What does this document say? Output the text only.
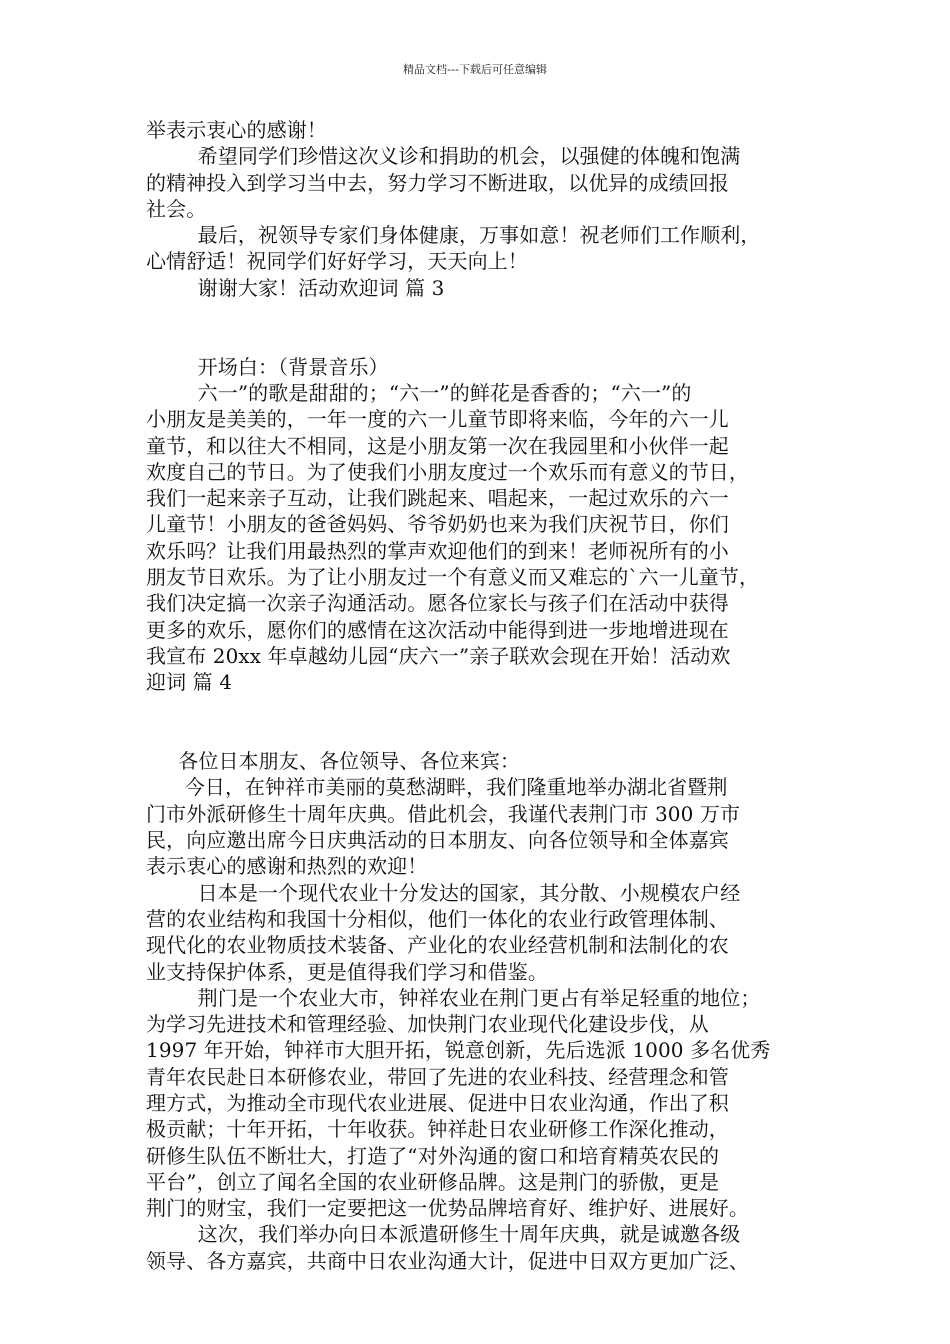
精品文档---下载后可任意编辑
举表示衷心的感谢！
希望同学们珍惜这次义诊和捐助的机会，以强健的体魄和饱满
的精神投入到学习当中去，努力学习不断进取，以优异的成绩回报
社会。
最后，祝领导专家们身体健康，万事如意！祝老师们工作顺利，
心情舒适！祝同学们好好学习，天天向上！
谢谢大家！活动欢迎词 篇 3
开场白：（背景音乐）
六一”的歌是甜甜的；“六一”的鲜花是香香的；“六一”的
小朋友是美美的，一年一度的六一儿童节即将来临，今年的六一儿
童节，和以往大不相同，这是小朋友第一次在我园里和小伙伴一起
欢度自己的节日。为了使我们小朋友度过一个欢乐而有意义的节日，
我们一起来亲子互动，让我们跳起来、唱起来，一起过欢乐的六一
儿童节！小朋友的爸爸妈妈、爷爷奶奶也来为我们庆祝节日，你们
欢乐吗？让我们用最热烈的掌声欢迎他们的到来！老师祝所有的小
朋友节日欢乐。为了让小朋友过一个有意义而又难忘的`六一儿童节，
我们决定搞一次亲子沟通活动。愿各位家长与孩子们在活动中获得
更多的欢乐，愿你们的感情在这次活动中能得到进一步地增进现在
我宣布 20xx 年卓越幼儿园“庆六一”亲子联欢会现在开始！活动欢
迎词 篇 4
各位日本朋友、各位领导、各位来宾：
今日，在钟祥市美丽的莫愁湖畔，我们隆重地举办湖北省暨荆
门市外派研修生十周年庆典。借此机会，我谨代表荆门市 300 万市
民，向应邀出席今日庆典活动的日本朋友、向各位领导和全体嘉宾
表示衷心的感谢和热烈的欢迎！
日本是一个现代农业十分发达的国家，其分散、小规模农户经
营的农业结构和我国十分相似，他们一体化的农业行政管理体制、
现代化的农业物质技术装备、产业化的农业经营机制和法制化的农
业支持保护体系，更是值得我们学习和借鉴。
荆门是一个农业大市，钟祥农业在荆门更占有举足轻重的地位；
为学习先进技术和管理经验、加快荆门农业现代化建设步伐，从
1997 年开始，钟祥市大胆开拓，锐意创新，先后选派 1000 多名优秀
青年农民赴日本研修农业，带回了先进的农业科技、经营理念和管
理方式，为推动全市现代农业进展、促进中日农业沟通，作出了积
极贡献；十年开拓，十年收获。钟祥赴日农业研修工作深化推动，
研修生队伍不断壮大，打造了“对外沟通的窗口和培育精英农民的
平台”，创立了闻名全国的农业研修品牌。这是荆门的骄傲，更是
荆门的财宝，我们一定要把这一优势品牌培育好、维护好、进展好。
这次，我们举办向日本派遣研修生十周年庆典，就是诚邀各级
领导、各方嘉宾，共商中日农业沟通大计，促进中日双方更加广泛、
